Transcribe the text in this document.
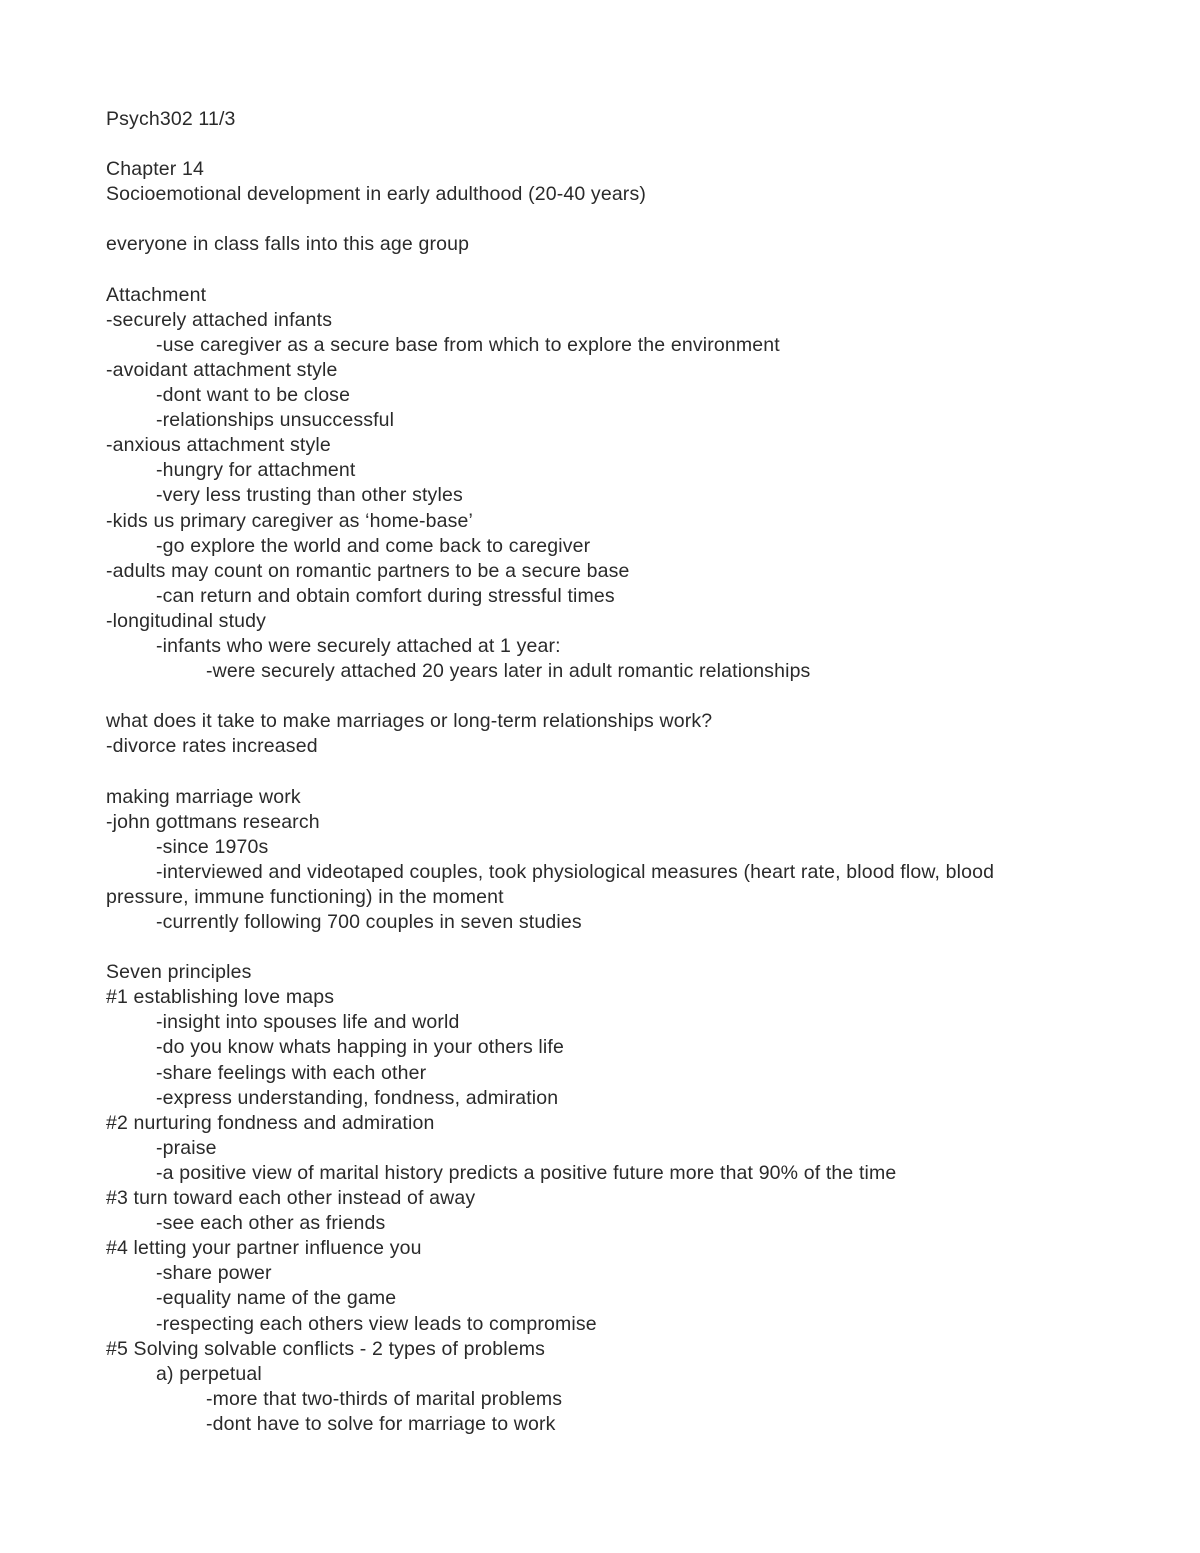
Psych302 11/3
Chapter 14
Socioemotional development in early adulthood (20-40 years)
everyone in class falls into this age group
Attachment
-securely attached infants
-use caregiver as a secure base from which to explore the environment
-avoidant attachment style
-dont want to be close
-relationships unsuccessful
-anxious attachment style
-hungry for attachment
-very less trusting than other styles
-kids us primary caregiver as ‘home-base’
-go explore the world and come back to caregiver
-adults may count on romantic partners to be a secure base
-can return and obtain comfort during stressful times
-longitudinal study
-infants who were securely attached at 1 year:
-were securely attached 20 years later in adult romantic relationships
what does it take to make marriages or long-term relationships work?
-divorce rates increased
making marriage work
-john gottmans research
-since 1970s
-interviewed and videotaped couples, took physiological measures (heart rate, blood flow, blood
pressure, immune functioning) in the moment
-currently following 700 couples in seven studies
Seven principles
#1 establishing love maps
-insight into spouses life and world
-do you know whats happing in your others life
-share feelings with each other
-express understanding, fondness, admiration
#2 nurturing fondness and admiration
-praise
-a positive view of marital history predicts a positive future more that 90% of the time
#3 turn toward each other instead of away
-see each other as friends
#4 letting your partner influence you
-share power
-equality name of the game
-respecting each others view leads to compromise
#5 Solving solvable conflicts - 2 types of problems
a) perpetual
-more that two-thirds of marital problems
-dont have to solve for marriage to work
